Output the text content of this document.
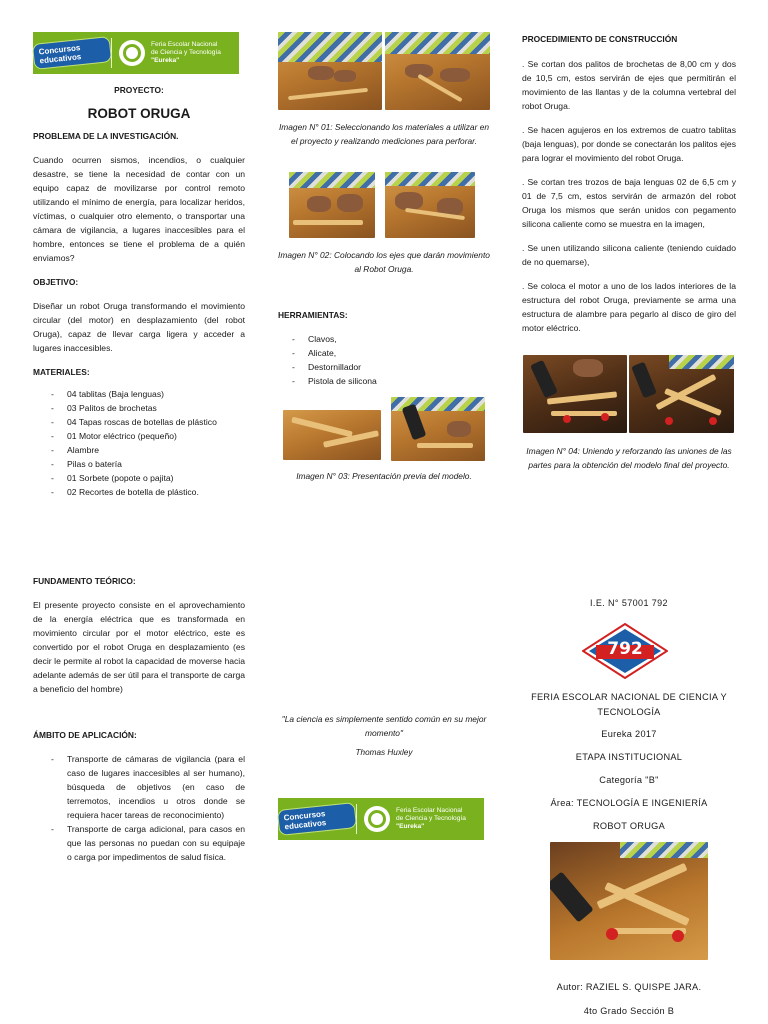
Concursos educativos
Feria Escolar Nacional
de Ciencia y Tecnología
"Eureka"

PROYECTO:

ROBOT ORUGA

PROBLEMA DE LA INVESTIGACIÓN.

Cuando ocurren sismos, incendios, o cualquier desastre, se tiene la necesidad de contar con un equipo capaz de movilizarse por control remoto utilizando el mínimo de energía, para localizar heridos, víctimas, o cualquier otro elemento, o transportar una cámara de vigilancia, a lugares inaccesibles para el hombre, entonces se tiene el problema de a quién enviamos?

OBJETIVO:

Diseñar un robot Oruga transformando el movimiento circular (del motor) en desplazamiento (del robot Oruga), capaz de llevar carga ligera y acceder a lugares inaccesibles.

MATERIALES:

- 04 tablitas (Baja lenguas)
- 03 Palitos de brochetas
- 04 Tapas roscas de botellas de plástico
- 01 Motor eléctrico (pequeño)
- Alambre
- Pilas o batería
- 01 Sorbete (popote o pajita)
- 02 Recortes de botella de plástico.

FUNDAMENTO TEÓRICO:

El presente proyecto consiste en el aprovechamiento de la energía eléctrica que es transformada en movimiento circular por el motor eléctrico, este es convertido por el robot Oruga en desplazamiento (es decir le permite al robot la capacidad de moverse hacia adelante además de ser útil para el transporte de carga a beneficio del hombre)

ÁMBITO DE APLICACIÓN:

- Transporte de cámaras de vigilancia (para el caso de lugares inaccesibles al ser humano), búsqueda de objetivos (en caso de terremotos, incendios u otros donde se requiera hacer tareas de reconocimiento)
- Transporte de carga adicional, para casos en que las personas no puedan con su equipaje o carga por impedimentos de salud física.

Imagen N° 01: Seleccionando los materiales a utilizar en el proyecto y realizando mediciones para perforar.

Imagen N° 02: Colocando los ejes que darán movimiento al Robot Oruga.

HERRAMIENTAS:

- Clavos,
- Alicate,
- Destornillador
- Pistola de silicona

Imagen N° 03: Presentación previa del modelo.

"La ciencia es simplemente sentido común en su mejor momento"

Thomas Huxley

Concursos educativos
Feria Escolar Nacional
de Ciencia y Tecnología
"Eureka"

PROCEDIMIENTO DE CONSTRUCCIÓN

. Se cortan dos palitos de brochetas de 8,00 cm y dos de 10,5 cm, estos servirán de ejes que permitirán el movimiento de las llantas y de la columna vertebral del robot Oruga.

. Se hacen agujeros en los extremos de cuatro tablitas (baja lenguas), por donde se conectarán los palitos ejes para lograr el movimiento del robot Oruga.

. Se cortan tres trozos de baja lenguas 02 de 6,5 cm y 01 de 7,5 cm, estos servirán de armazón del robot Oruga los mismos que serán unidos con pegamento silicona caliente como se muestra en la imagen,

. Se unen utilizando silicona caliente (teniendo cuidado de no quemarse),

. Se coloca el motor a uno de los lados interiores de la estructura del robot Oruga, previamente se arma una estructura de alambre para pegarlo al disco de giro del motor eléctrico.

Imagen N° 04: Uniendo y reforzando las uniones de las partes para la obtención del modelo final del proyecto.

I.E. N° 57001 792

792

FERIA ESCOLAR NACIONAL DE CIENCIA Y TECNOLOGÍA

Eureka 2017

ETAPA INSTITUCIONAL

Categoría "B"

Área: TECNOLOGÍA E INGENIERÍA

ROBOT ORUGA

Autor: RAZIEL S. QUISPE JARA.

4to Grado Sección B
